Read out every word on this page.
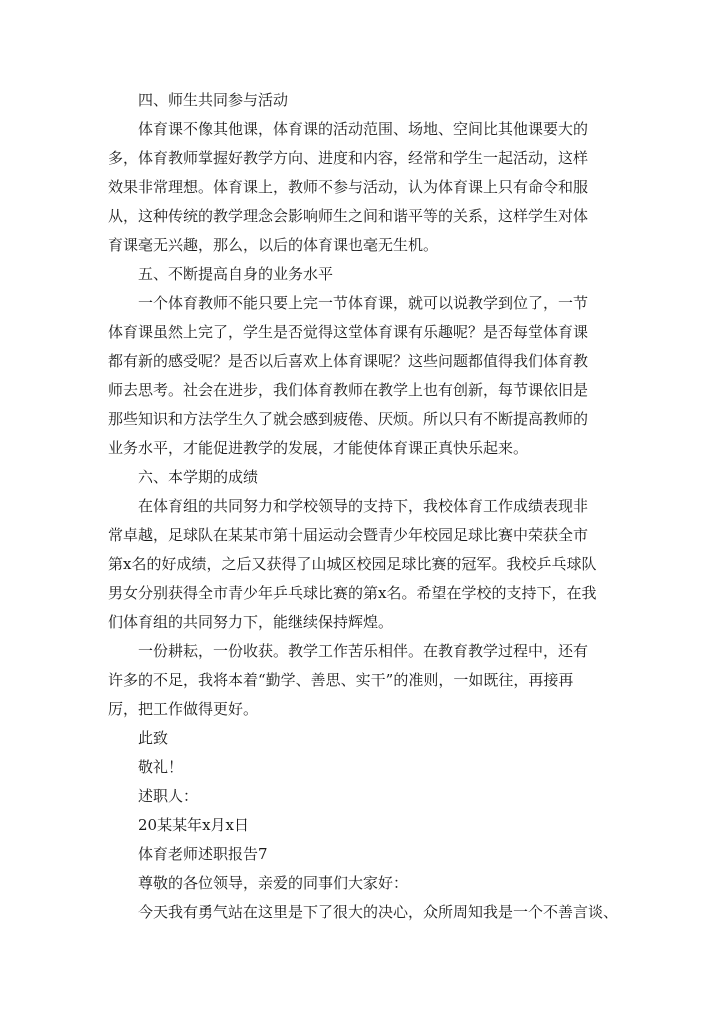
四、师生共同参与活动

体育课不像其他课，体育课的活动范围、场地、空间比其他课要大的多，体育教师掌握好教学方向、进度和内容，经常和学生一起活动，这样效果非常理想。体育课上，教师不参与活动，认为体育课上只有命令和服从，这种传统的教学理念会影响师生之间和谐平等的关系，这样学生对体育课毫无兴趣，那么，以后的体育课也毫无生机。

五、不断提高自身的业务水平

一个体育教师不能只要上完一节体育课，就可以说教学到位了，一节体育课虽然上完了，学生是否觉得这堂体育课有乐趣呢？是否每堂体育课都有新的感受呢？是否以后喜欢上体育课呢？这些问题都值得我们体育教师去思考。社会在进步，我们体育教师在教学上也有创新，每节课依旧是那些知识和方法学生久了就会感到疲倦、厌烦。所以只有不断提高教师的业务水平，才能促进教学的发展，才能使体育课正真快乐起来。

六、本学期的成绩

在体育组的共同努力和学校领导的支持下，我校体育工作成绩表现非常卓越，足球队在某某市第十届运动会暨青少年校园足球比赛中荣获全市第x名的好成绩，之后又获得了山城区校园足球比赛的冠军。我校乒乓球队男女分别获得全市青少年乒乓球比赛的第x名。希望在学校的支持下，在我们体育组的共同努力下，能继续保持辉煌。

一份耕耘，一份收获。教学工作苦乐相伴。在教育教学过程中，还有许多的不足，我将本着“勤学、善思、实干”的准则，一如既往，再接再厉，把工作做得更好。

此致

敬礼！

述职人：

20某某年x月x日

体育老师述职报告7

尊敬的各位领导，亲爱的同事们大家好：

今天我有勇气站在这里是下了很大的决心，众所周知我是一个不善言谈、
